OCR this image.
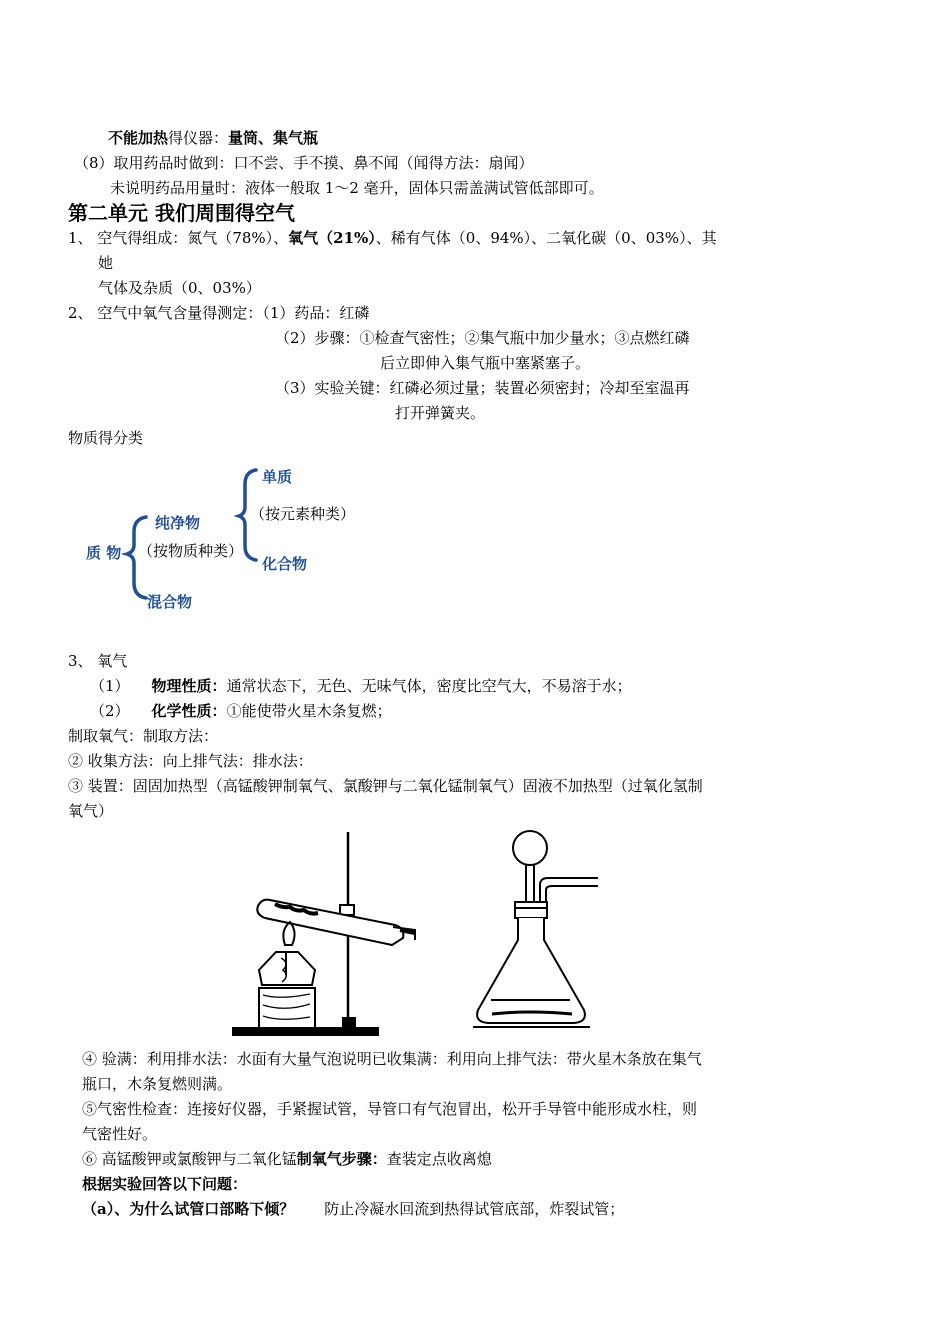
不能加热得仪器：量筒、集气瓶
（8）取用药品时做到：口不尝、手不摸、鼻不闻（闻得方法：扇闻）
未说明药品用量时：液体一般取 1～2 毫升，固体只需盖满试管低部即可。
第二单元 我们周围得空气
1、 空气得组成：氮气（78%）、氧气（21%）、稀有气体（0、94%）、二氧化碳（0、03%）、其
她
气体及杂质（0、03%）
2、 空气中氧气含量得测定：（1）药品：红磷
（2）步骤：①检查气密性；②集气瓶中加少量水；③点燃红磷
后立即伸入集气瓶中塞紧塞子。
（3）实验关键：红磷必须过量；装置必须密封；冷却至室温再
打开弹簧夹。
物质得分类
质 物 （按物质种类）
纯净物
混合物
单质
（按元素种类）
化合物
3、 氧气
（1） 物理性质：通常状态下，无色、无味气体，密度比空气大，不易溶于水；
（2） 化学性质：①能使带火星木条复燃；
制取氧气：制取方法：
② 收集方法：向上排气法：排水法：
③ 装置：固固加热型（高锰酸钾制氧气、氯酸钾与二氧化锰制氧气）固液不加热型（过氧化氢制
氧气）
④ 验满：利用排水法：水面有大量气泡说明已收集满：利用向上排气法：带火星木条放在集气
瓶口，木条复燃则满。
⑤气密性检查：连接好仪器，手紧握试管，导管口有气泡冒出，松开手导管中能形成水柱，则
气密性好。
⑥ 高锰酸钾或氯酸钾与二氧化锰制氧气步骤：查装定点收离熄
根据实验回答以下问题：
（a）、为什么试管口部略下倾？ 防止冷凝水回流到热得试管底部，炸裂试管；
